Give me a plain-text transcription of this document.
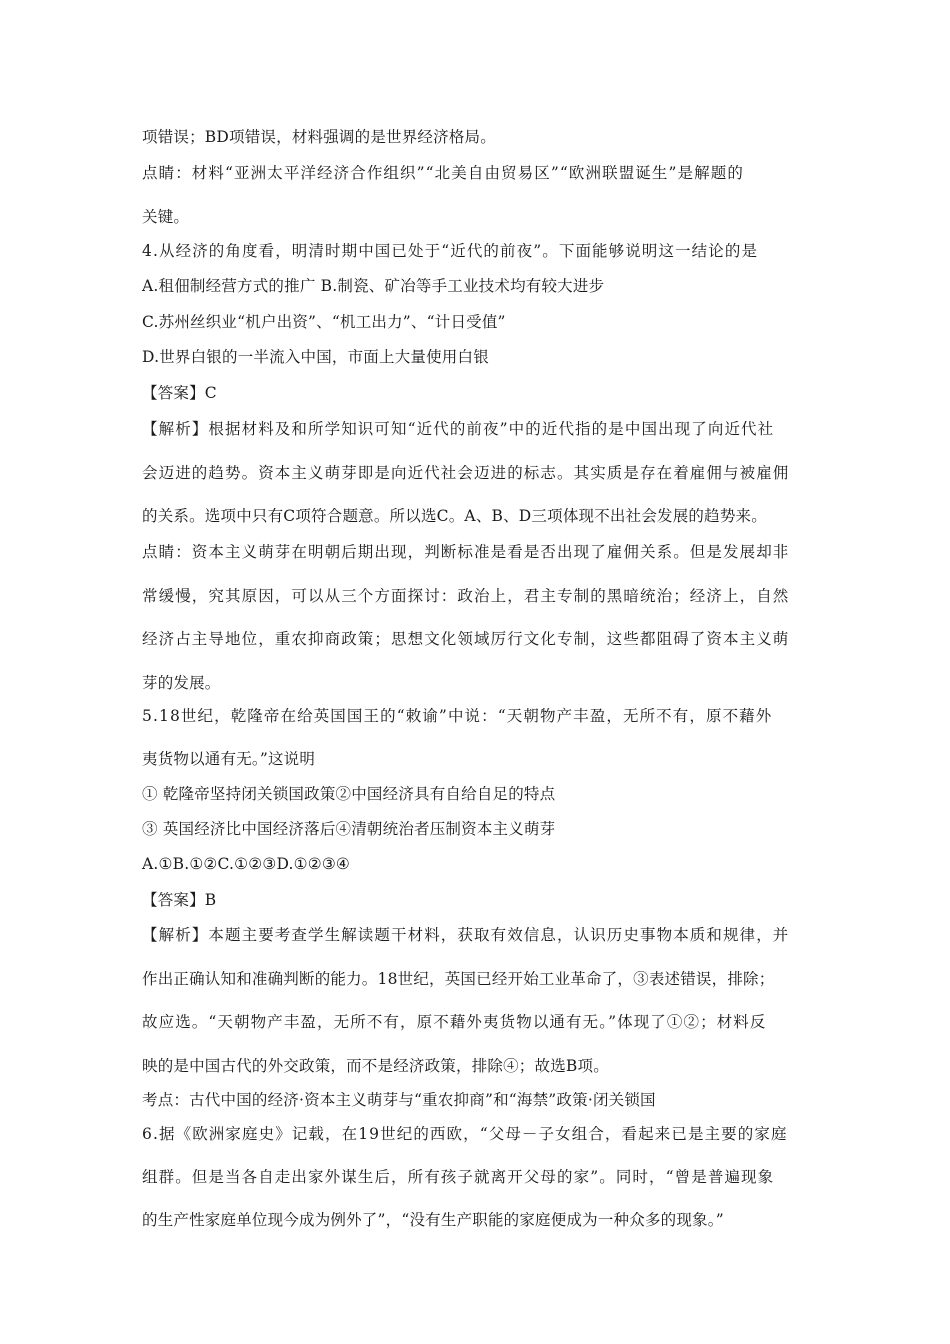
项错误；BD项错误，材料强调的是世界经济格局。
点睛：材料“亚洲太平洋经济合作组织”“北美自由贸易区”“欧洲联盟诞生”是解题的
关键。
4.从经济的角度看，明清时期中国已处于“近代的前夜”。下面能够说明这一结论的是
A.租佃制经营方式的推广 B.制瓷、矿冶等手工业技术均有较大进步
C.苏州丝织业“机户出资”、“机工出力”、“计日受值”
D.世界白银的一半流入中国，市面上大量使用白银
【答案】C
【解析】根据材料及和所学知识可知“近代的前夜”中的近代指的是中国出现了向近代社
会迈进的趋势。资本主义萌芽即是向近代社会迈进的标志。其实质是存在着雇佣与被雇佣
的关系。选项中只有C项符合题意。所以选C。A、B、D三项体现不出社会发展的趋势来。
点睛：资本主义萌芽在明朝后期出现，判断标准是看是否出现了雇佣关系。但是发展却非
常缓慢，究其原因，可以从三个方面探讨：政治上，君主专制的黑暗统治；经济上，自然
经济占主导地位，重农抑商政策；思想文化领域厉行文化专制，这些都阻碍了资本主义萌
芽的发展。
5.18世纪，乾隆帝在给英国国王的“敕谕”中说：“天朝物产丰盈，无所不有，原不藉外
夷货物以通有无。”这说明
① 乾隆帝坚持闭关锁国政策②中国经济具有自给自足的特点
③ 英国经济比中国经济落后④清朝统治者压制资本主义萌芽
A.①B.①②C.①②③D.①②③④
【答案】B
【解析】本题主要考查学生解读题干材料，获取有效信息，认识历史事物本质和规律，并
作出正确认知和准确判断的能力。18世纪，英国已经开始工业革命了，③表述错误，排除；
故应选。“天朝物产丰盈，无所不有，原不藉外夷货物以通有无。”体现了①②；材料反
映的是中国古代的外交政策，而不是经济政策，排除④；故选B项。
考点：古代中国的经济·资本主义萌芽与“重农抑商”和“海禁”政策·闭关锁国
6.据《欧洲家庭史》记载，在19世纪的西欧，“父母－子女组合，看起来已是主要的家庭
组群。但是当各自走出家外谋生后，所有孩子就离开父母的家”。同时，“曾是普遍现象
的生产性家庭单位现今成为例外了”，“没有生产职能的家庭便成为一种众多的现象。”
